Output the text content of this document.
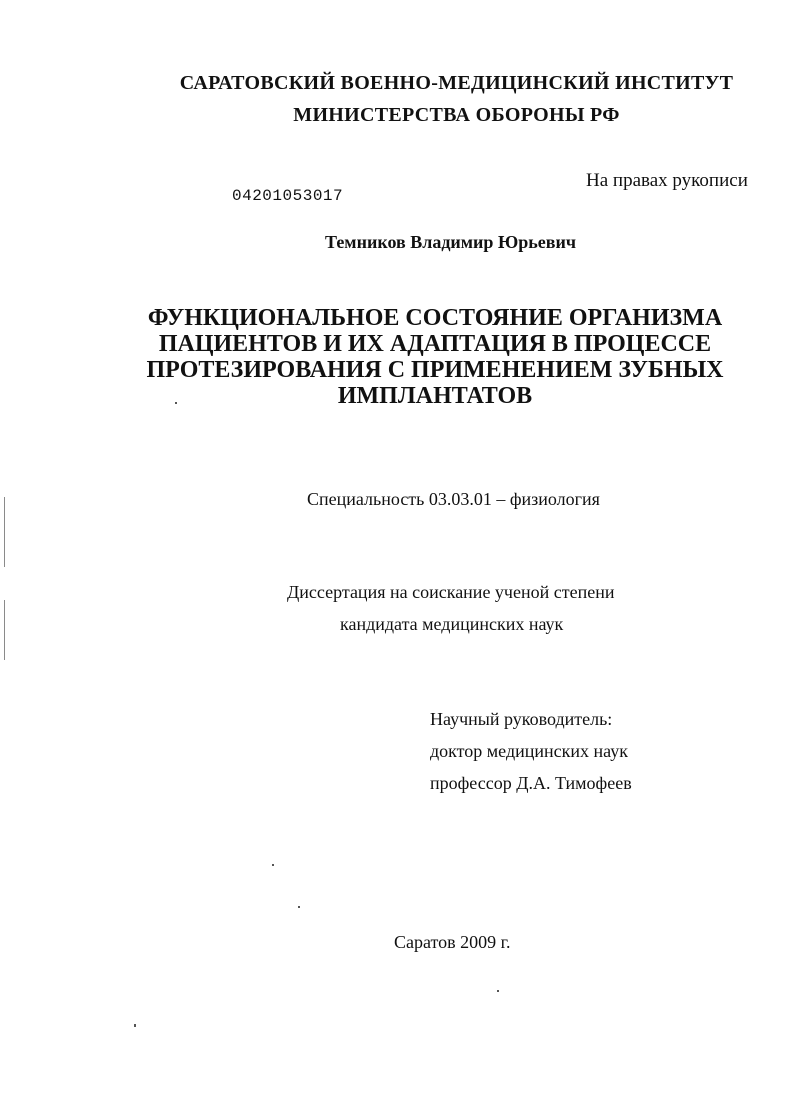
САРАТОВСКИЙ ВОЕННО-МЕДИЦИНСКИЙ ИНСТИТУТ
МИНИСТЕРСТВА ОБОРОНЫ РФ
На правах рукописи
04201053017
Темников Владимир Юрьевич
ФУНКЦИОНАЛЬНОЕ СОСТОЯНИЕ ОРГАНИЗМА
ПАЦИЕНТОВ И ИХ АДАПТАЦИЯ В ПРОЦЕССЕ
ПРОТЕЗИРОВАНИЯ С ПРИМЕНЕНИЕМ ЗУБНЫХ
ИМПЛАНТАТОВ
Специальность 03.03.01 – физиология
Диссертация на соискание ученой степени
кандидата медицинских наук
Научный руководитель:
доктор медицинских наук
профессор Д.А. Тимофеев
Саратов 2009 г.
